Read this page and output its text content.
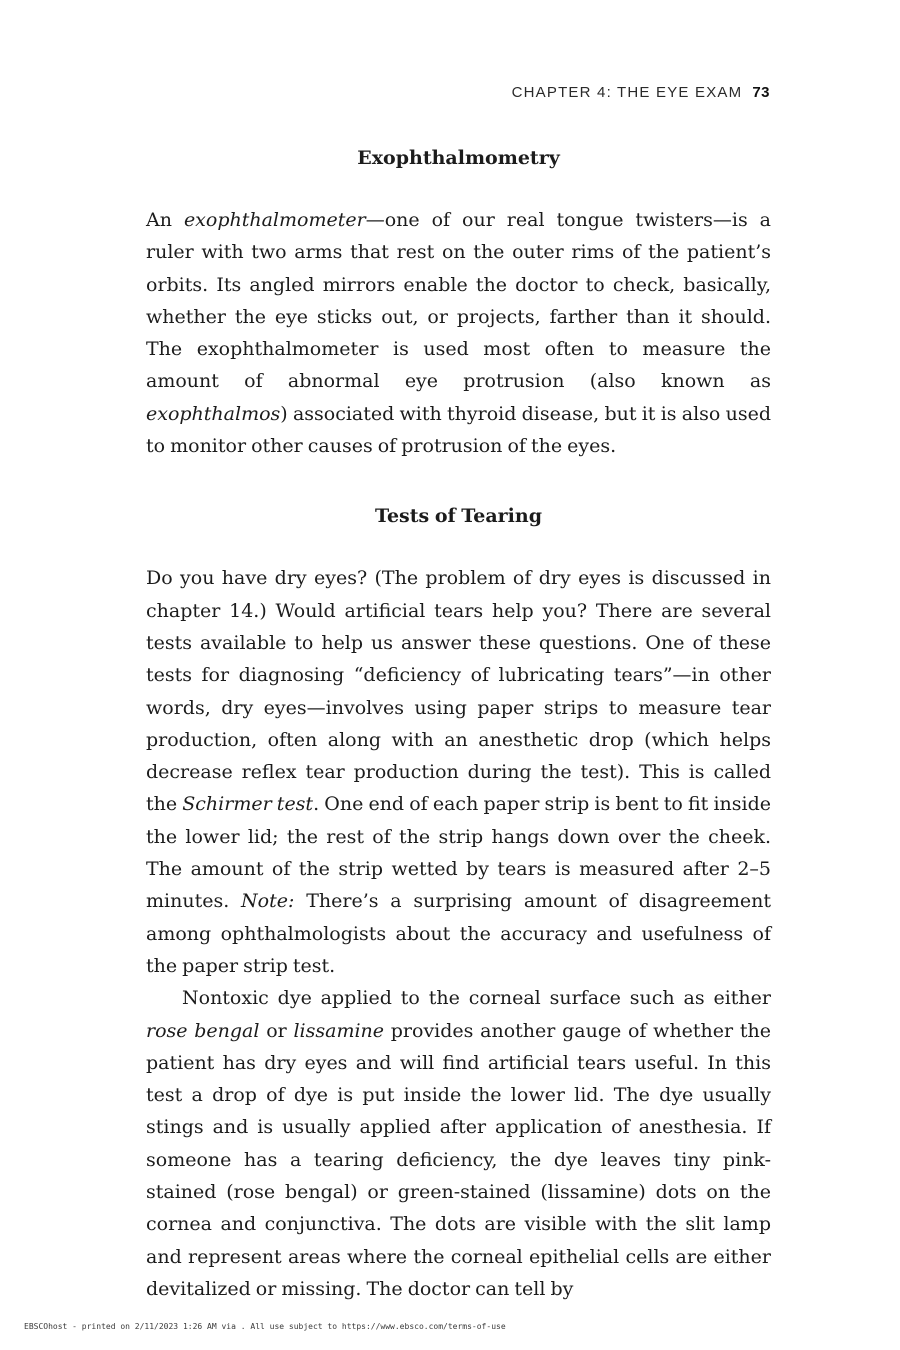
CHAPTER 4: THE EYE EXAM 73
Exophthalmometry

An exophthalmometer—one of our real tongue twisters—is a ruler with two arms that rest on the outer rims of the patient’s orbits. Its angled mirrors enable the doctor to check, basically, whether the eye sticks out, or projects, farther than it should. The exophthalmometer is used most often to measure the amount of abnormal eye protrusion (also known as exophthalmos) associated with thyroid disease, but it is also used to monitor other causes of protrusion of the eyes.

Tests of Tearing

Do you have dry eyes? (The problem of dry eyes is discussed in chapter 14.) Would artificial tears help you? There are several tests available to help us answer these questions. One of these tests for diagnosing “deficiency of lubricating tears”—in other words, dry eyes—involves using paper strips to measure tear production, often along with an anesthetic drop (which helps decrease reflex tear production during the test). This is called the Schirmer test. One end of each paper strip is bent to fit inside the lower lid; the rest of the strip hangs down over the cheek. The amount of the strip wetted by tears is measured after 2–5 minutes. Note: There’s a surprising amount of disagreement among ophthalmologists about the accuracy and usefulness of the paper strip test.

Nontoxic dye applied to the corneal surface such as either rose bengal or lissamine provides another gauge of whether the patient has dry eyes and will find artificial tears useful. In this test a drop of dye is put inside the lower lid. The dye usually stings and is usually applied after application of anesthesia. If someone has a tearing deficiency, the dye leaves tiny pink-stained (rose bengal) or green-stained (lissamine) dots on the cornea and conjunctiva. The dots are visible with the slit lamp and represent areas where the corneal epithelial cells are either devitalized or missing. The doctor can tell by

EBSCOhost - printed on 2/11/2023 1:26 AM via . All use subject to https://www.ebsco.com/terms-of-use
